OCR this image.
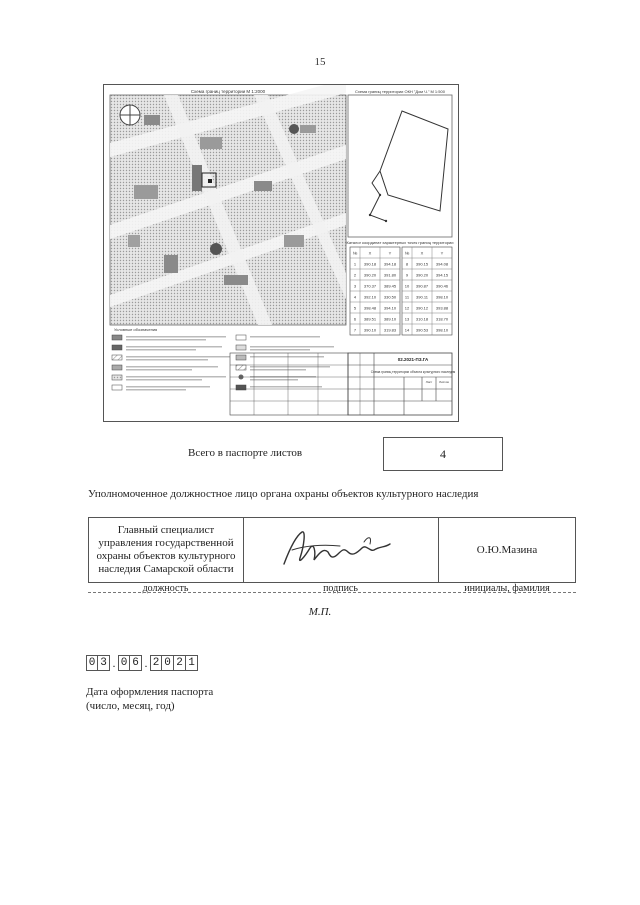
15
Схема границ территории М 1:2000	Схема границ территории ОКН "Дом Ч." М 1:500
Каталог координат характерных точек границ территории
№	X	Y
1 390.18 394.18
2 390.20 391.80
3 370.37 389.45
4 392.10 330.50
5 398.48 394.10
6 389.51 389.10
7 390.10 319.83
№	X	Y
8 390.15 394.08
9 390.20 394.15
10 390.87 390.46
11 390.11 398.10
12 390.12 393.88
13 310.18 318.70
14 390.53 398.10
Условные обозначения
02.2021-ПЗ.ГА
Схема границ территории объекта культурного наследия
Лист Листов
Всего в паспорте листов	4
Уполномоченное должностное лицо органа охраны объектов культурного наследия
Главный специалист управления государственной охраны объектов культурного наследия Самарской области
О.Ю.Мазина
должность	подпись	инициалы, фамилия
М.П.
0 3 . 0 6 . 2 0 2 1
Дата оформления паспорта
(число, месяц, год)
